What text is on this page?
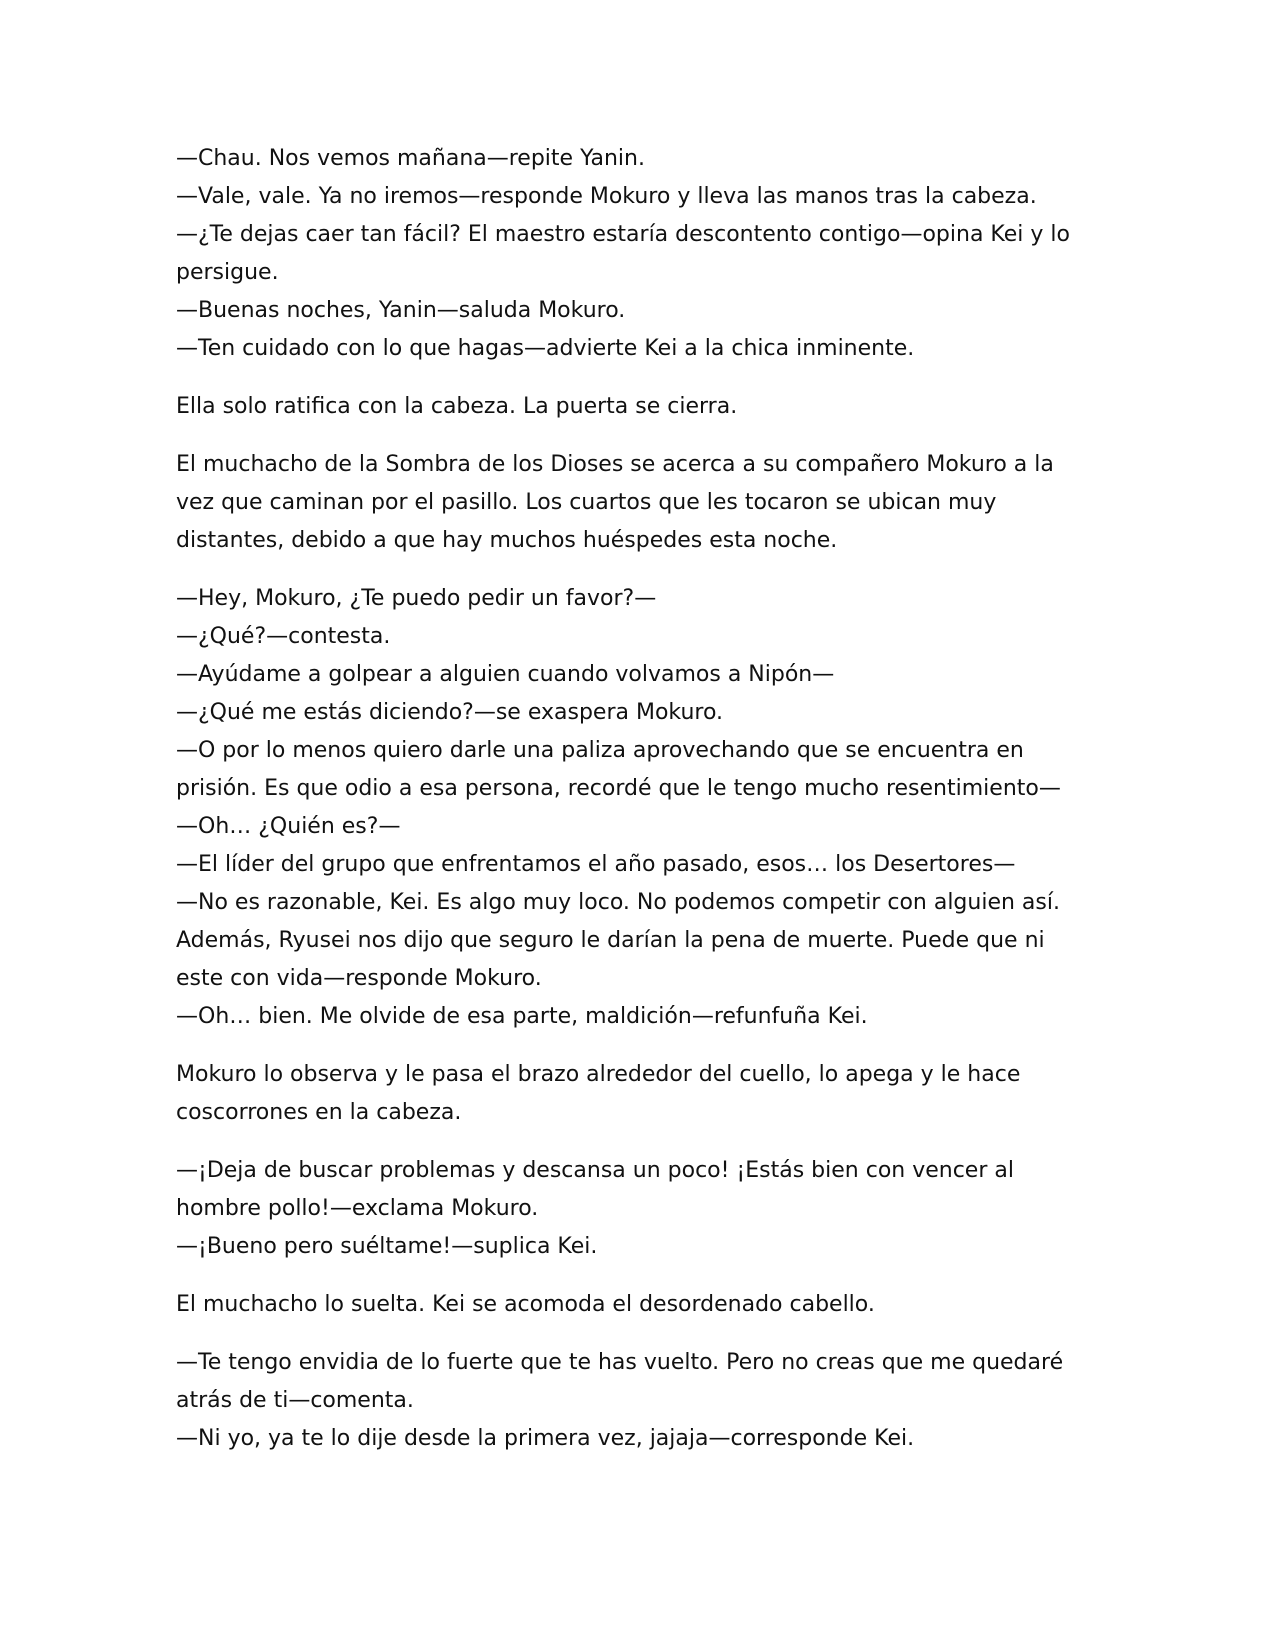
—Chau. Nos vemos mañana—repite Yanin.

—Vale, vale. Ya no iremos—responde Mokuro y lleva las manos tras la cabeza.

—¿Te dejas caer tan fácil? El maestro estaría descontento contigo—opina Kei y lo persigue.

—Buenas noches, Yanin—saluda Mokuro.

—Ten cuidado con lo que hagas—advierte Kei a la chica inminente.

Ella solo ratifica con la cabeza. La puerta se cierra.

El muchacho de la Sombra de los Dioses se acerca a su compañero Mokuro a la vez que caminan por el pasillo. Los cuartos que les tocaron se ubican muy distantes, debido a que hay muchos huéspedes esta noche.

—Hey, Mokuro, ¿Te puedo pedir un favor?—

—¿Qué?—contesta.

—Ayúdame a golpear a alguien cuando volvamos a Nipón—

—¿Qué me estás diciendo?—se exaspera Mokuro.

—O por lo menos quiero darle una paliza aprovechando que se encuentra en prisión. Es que odio a esa persona, recordé que le tengo mucho resentimiento—

—Oh… ¿Quién es?—

—El líder del grupo que enfrentamos el año pasado, esos… los Desertores—

—No es razonable, Kei. Es algo muy loco. No podemos competir con alguien así. Además, Ryusei nos dijo que seguro le darían la pena de muerte. Puede que ni este con vida—responde Mokuro.

—Oh… bien. Me olvide de esa parte, maldición—refunfuña Kei.

Mokuro lo observa y le pasa el brazo alrededor del cuello, lo apega y le hace coscorrones en la cabeza.

—¡Deja de buscar problemas y descansa un poco! ¡Estás bien con vencer al hombre pollo!—exclama Mokuro.

—¡Bueno pero suéltame!—suplica Kei.

El muchacho lo suelta. Kei se acomoda el desordenado cabello.

—Te tengo envidia de lo fuerte que te has vuelto. Pero no creas que me quedaré atrás de ti—comenta.

—Ni yo, ya te lo dije desde la primera vez, jajaja—corresponde Kei.
